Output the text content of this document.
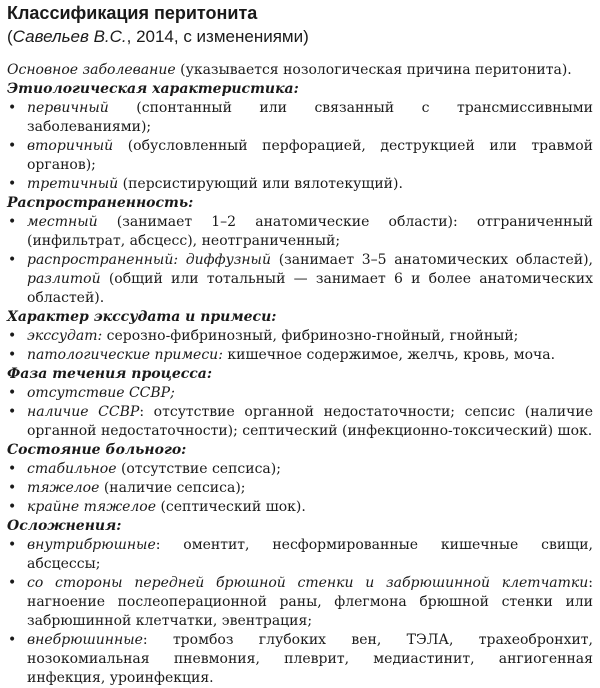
Классификация перитонита

(Савельев В.С., 2014, с изменениями)

Основное заболевание (указывается нозологическая причина перитонита).

Этиологическая характеристика:

• первичный (спонтанный или связанный с трансмиссивными заболеваниями);
• вторичный (обусловленный перфорацией, деструкцией или травмой органов);
• третичный (персистирующий или вялотекущий).

Распространенность:

• местный (занимает 1–2 анатомические области): отграниченный (инфильтрат, абсцесс), неотграниченный;
• распространенный: диффузный (занимает 3–5 анатомических областей), разлитой (общий или тотальный — занимает 6 и более анатомических областей).

Характер экссудата и примеси:

• экссудат: серозно-фибринозный, фибринозно-гнойный, гнойный;
• патологические примеси: кишечное содержимое, желчь, кровь, моча.

Фаза течения процесса:

• отсутствие ССВР;
• наличие ССВР: отсутствие органной недостаточности; сепсис (наличие органной недостаточности); септический (инфекционно-токсический) шок.

Состояние больного:

• стабильное (отсутствие сепсиса);
• тяжелое (наличие сепсиса);
• крайне тяжелое (септический шок).

Осложнения:

• внутрибрюшные: оментит, несформированные кишечные свищи, абсцессы;
• со стороны передней брюшной стенки и забрюшинной клетчатки: нагноение послеоперационной раны, флегмона брюшной стенки или забрюшинной клетчатки, эвентрация;
• внебрюшинные: тромбоз глубоких вен, ТЭЛА, трахеобронхит, нозокомиальная пневмония, плеврит, медиастинит, ангиогенная инфекция, уроинфекция.
